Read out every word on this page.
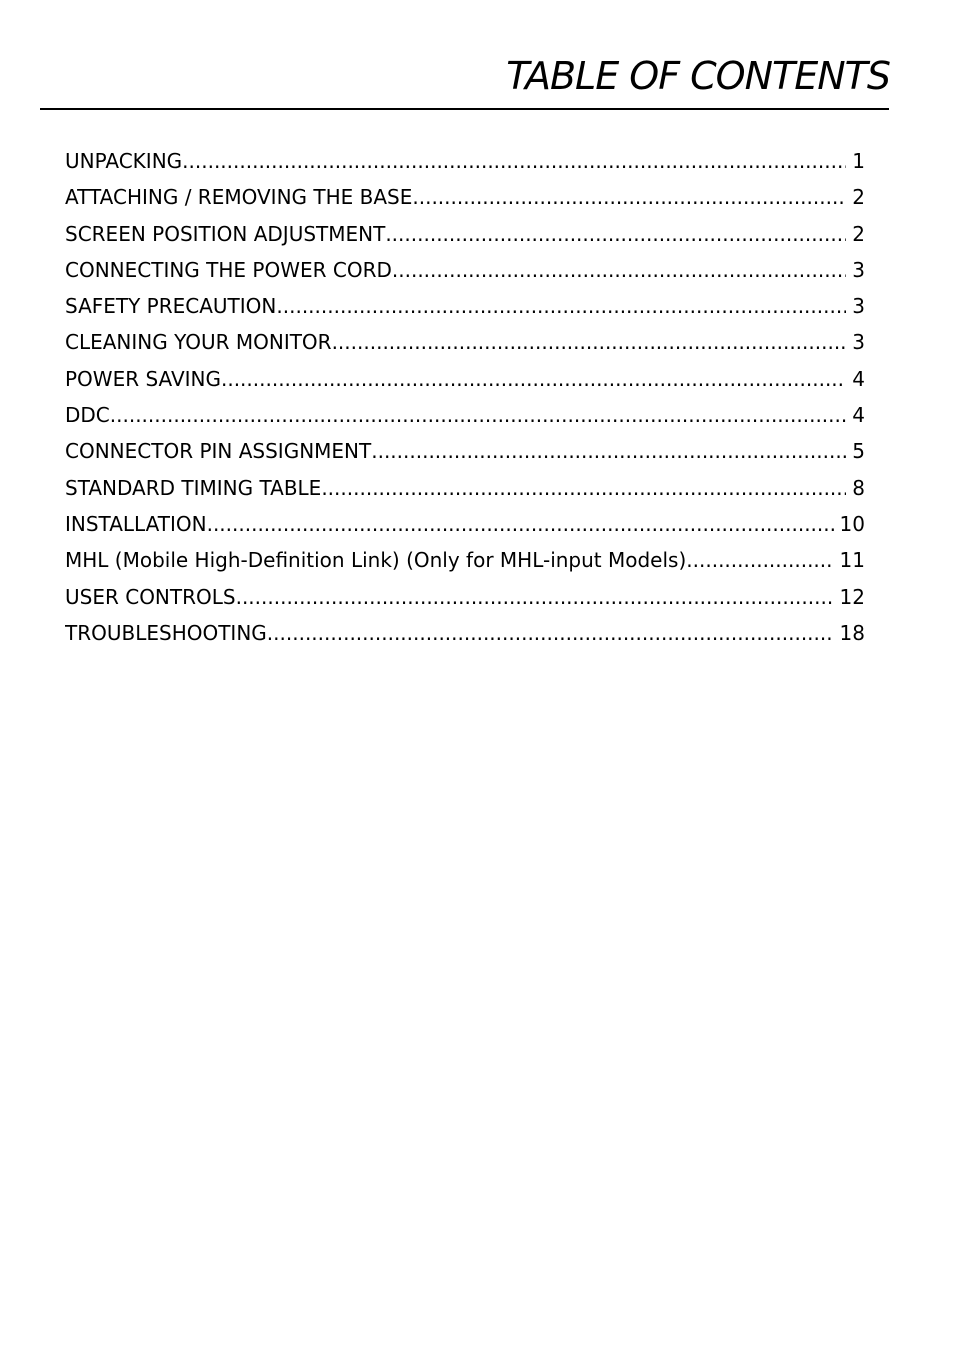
TABLE OF CONTENTS
UNPACKING .....	1
ATTACHING / REMOVING THE BASE .....	2
SCREEN POSITION ADJUSTMENT .....	2
CONNECTING THE POWER CORD .....	3
SAFETY PRECAUTION .....	3
CLEANING YOUR MONITOR .....	3
POWER SAVING .....	4
DDC .....	4
CONNECTOR PIN ASSIGNMENT .....	5
STANDARD TIMING TABLE .....	8
INSTALLATION .....	10
MHL (Mobile High-Definition Link) (Only for MHL-input Models) .....	11
USER CONTROLS .....	12
TROUBLESHOOTING .....	18
